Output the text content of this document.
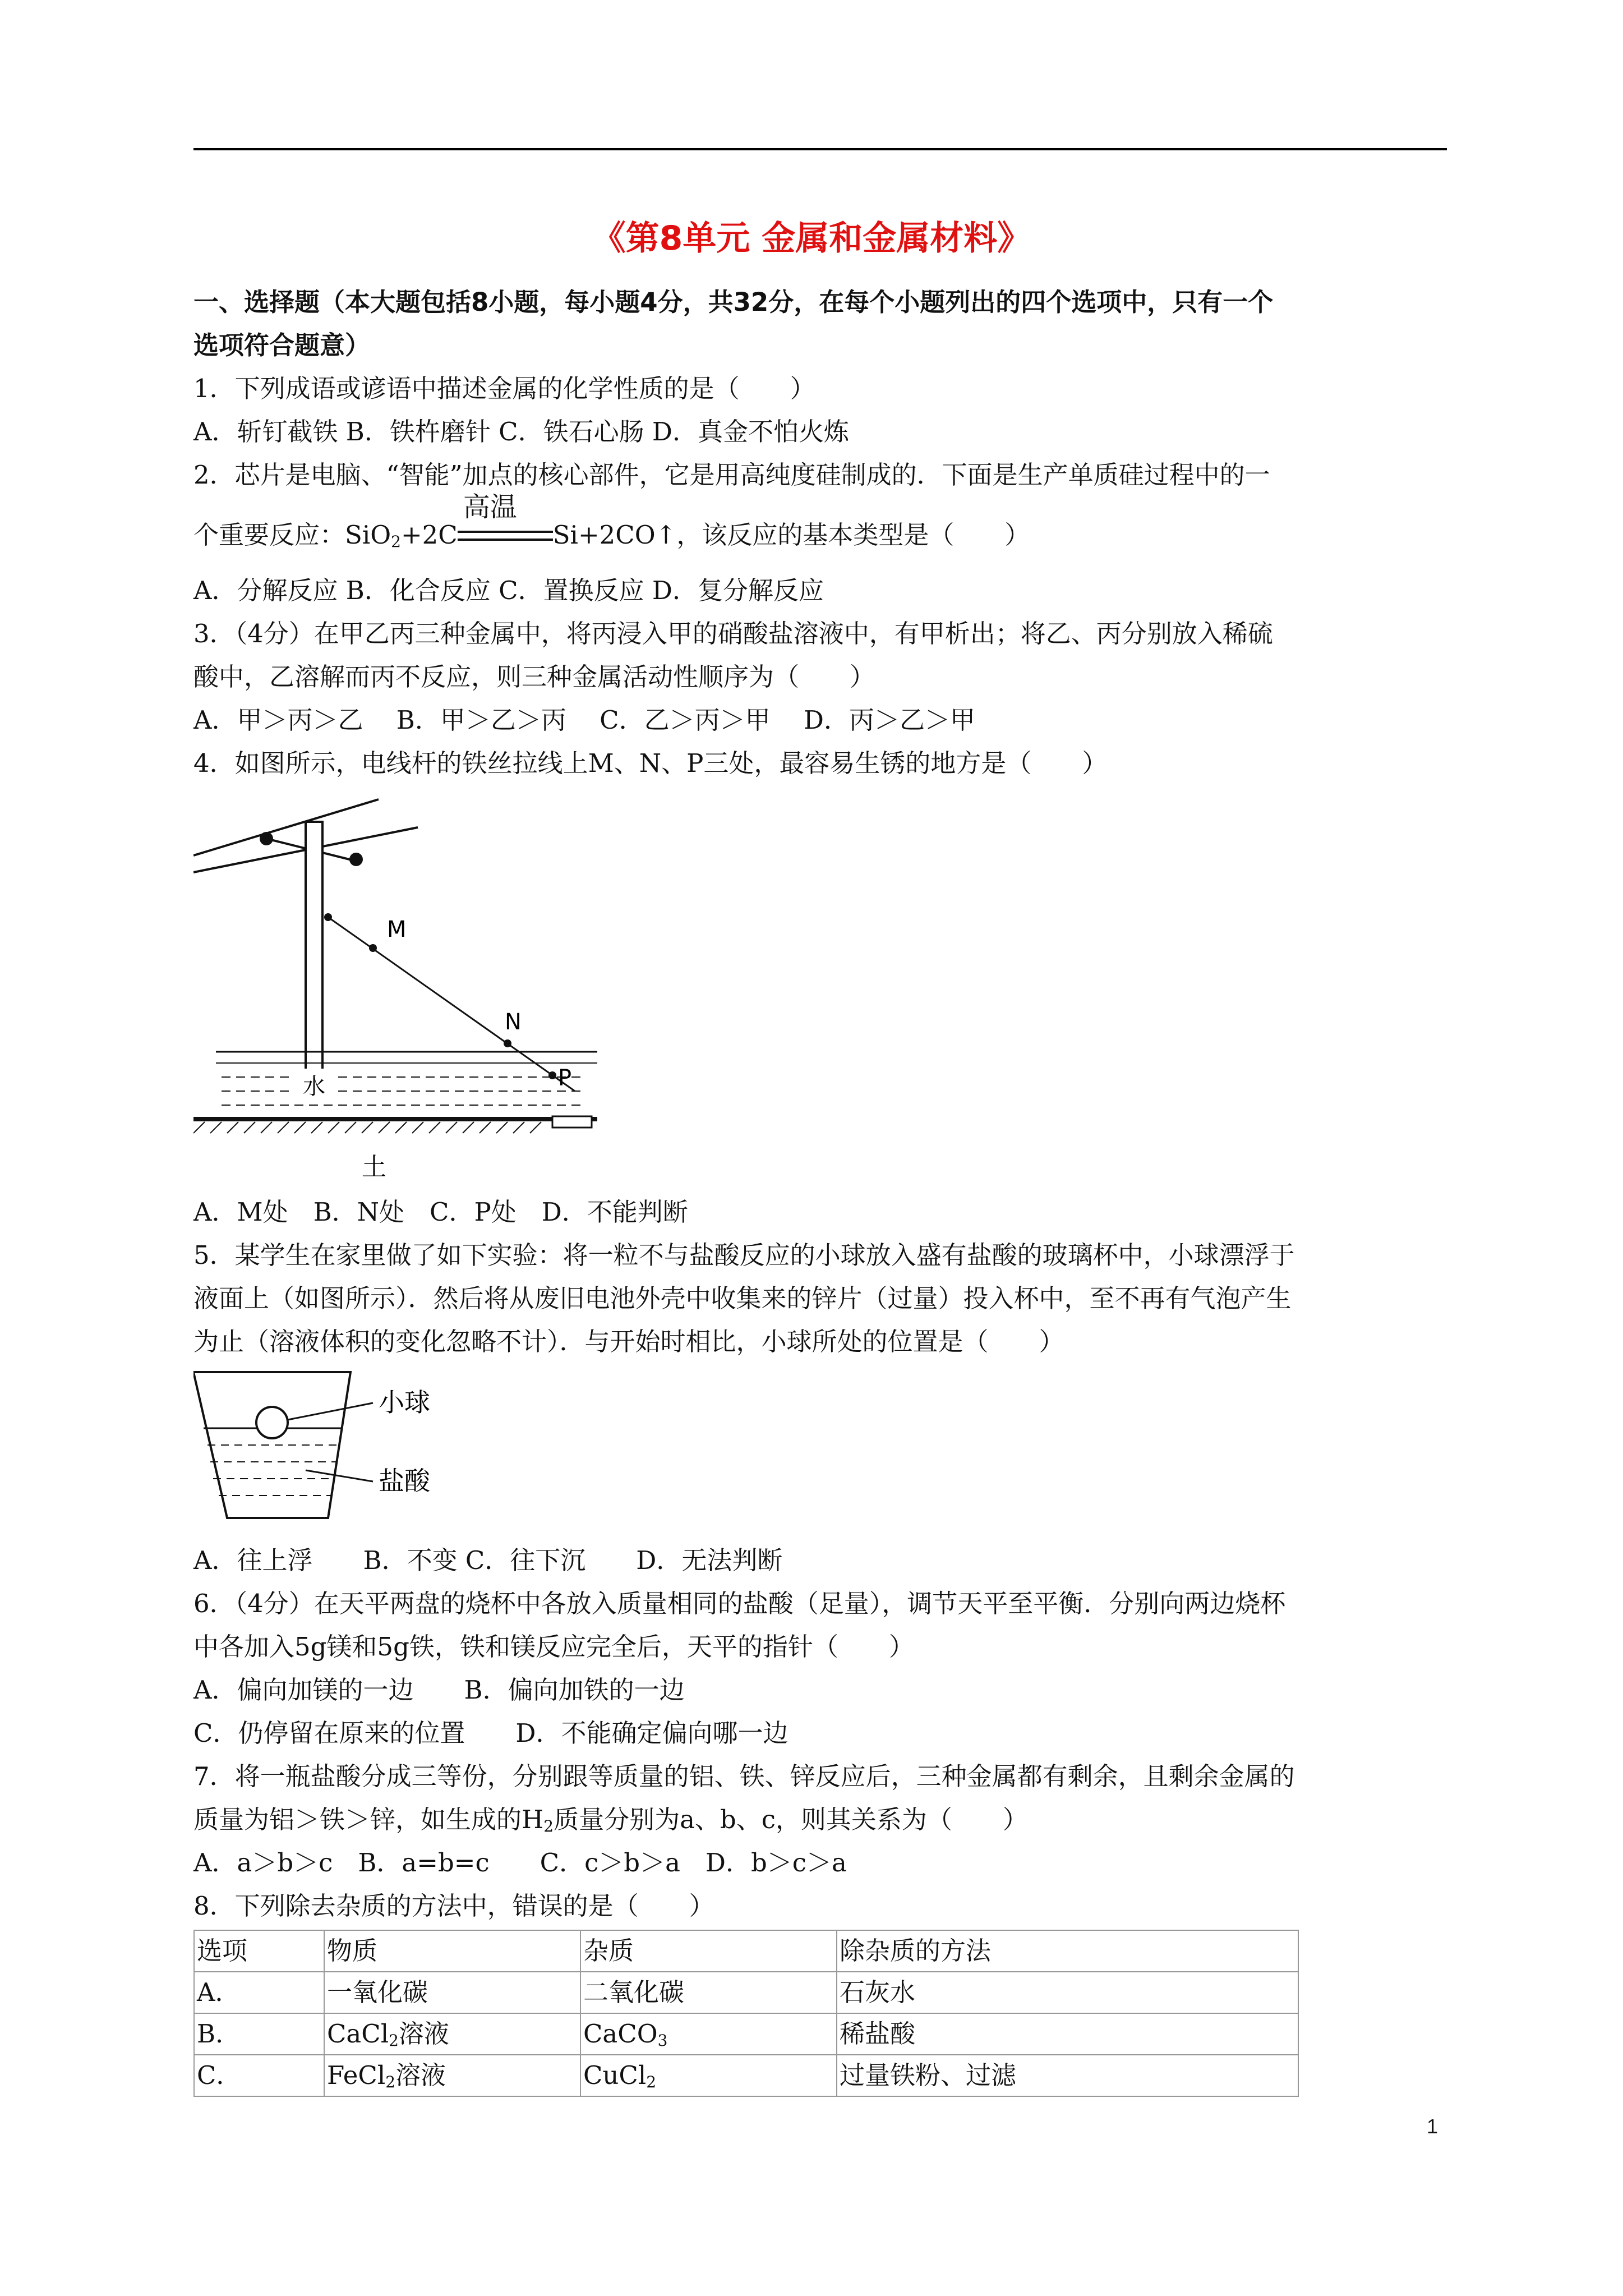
《第8单元 金属和金属材料》

一、选择题（本大题包括8小题，每小题4分，共32分，在每个小题列出的四个选项中，只有一个

选项符合题意）

1．下列成语或谚语中描述金属的化学性质的是（　　）

A．斩钉截铁 B．铁杵磨针 C．铁石心肠 D．真金不怕火炼

2．芯片是电脑、“智能”加点的核心部件，它是用高纯度硅制成的．下面是生产单质硅过程中的一

个重要反应：SiO$_2$+2C
高温
Si+2CO↑，该反应的基本类型是（　　）

A．分解反应 B．化合反应 C．置换反应 D．复分解反应

3．（4分）在甲乙丙三种金属中，将丙浸入甲的硝酸盐溶液中，有甲析出；将乙、丙分别放入稀硫

酸中，乙溶解而丙不反应，则三种金属活动性顺序为（　　）

A．甲＞丙＞乙　 B．甲＞乙＞丙　 C．乙＞丙＞甲　 D．丙＞乙＞甲

4．如图所示，电线杆的铁丝拉线上M、N、P三处，最容易生锈的地方是（　　）

M
N
P
水
土

A．M处　B．N处　C．P处　D．不能判断

5．某学生在家里做了如下实验：将一粒不与盐酸反应的小球放入盛有盐酸的玻璃杯中，小球漂浮于

液面上（如图所示）．然后将从废旧电池外壳中收集来的锌片（过量）投入杯中，至不再有气泡产生

为止（溶液体积的变化忽略不计）．与开始时相比，小球所处的位置是（　　）

小球
盐酸

A．往上浮　　B．不变 C．往下沉　　D．无法判断

6．（4分）在天平两盘的烧杯中各放入质量相同的盐酸（足量），调节天平至平衡．分别向两边烧杯

中各加入5g镁和5g铁，铁和镁反应完全后，天平的指针（　　）

A．偏向加镁的一边　　B．偏向加铁的一边

C．仍停留在原来的位置　　D．不能确定偏向哪一边

7．将一瓶盐酸分成三等份，分别跟等质量的铝、铁、锌反应后，三种金属都有剩余，且剩余金属的

质量为铝＞铁＞锌，如生成的$H_2$质量分别为a、b、c，则其关系为（　　）

A．a＞b＞c　B．a=b=c　　C．c＞b＞a　D．b＞c＞a

8．下列除去杂质的方法中，错误的是（　　）

选项	物质	杂质	除杂质的方法
A．	一氧化碳	二氧化碳	石灰水
B．	CaCl$_2$溶液	CaCO$_3$	稀盐酸
C．	FeCl$_2$溶液	CuCl$_2$	过量铁粉、过滤
1
